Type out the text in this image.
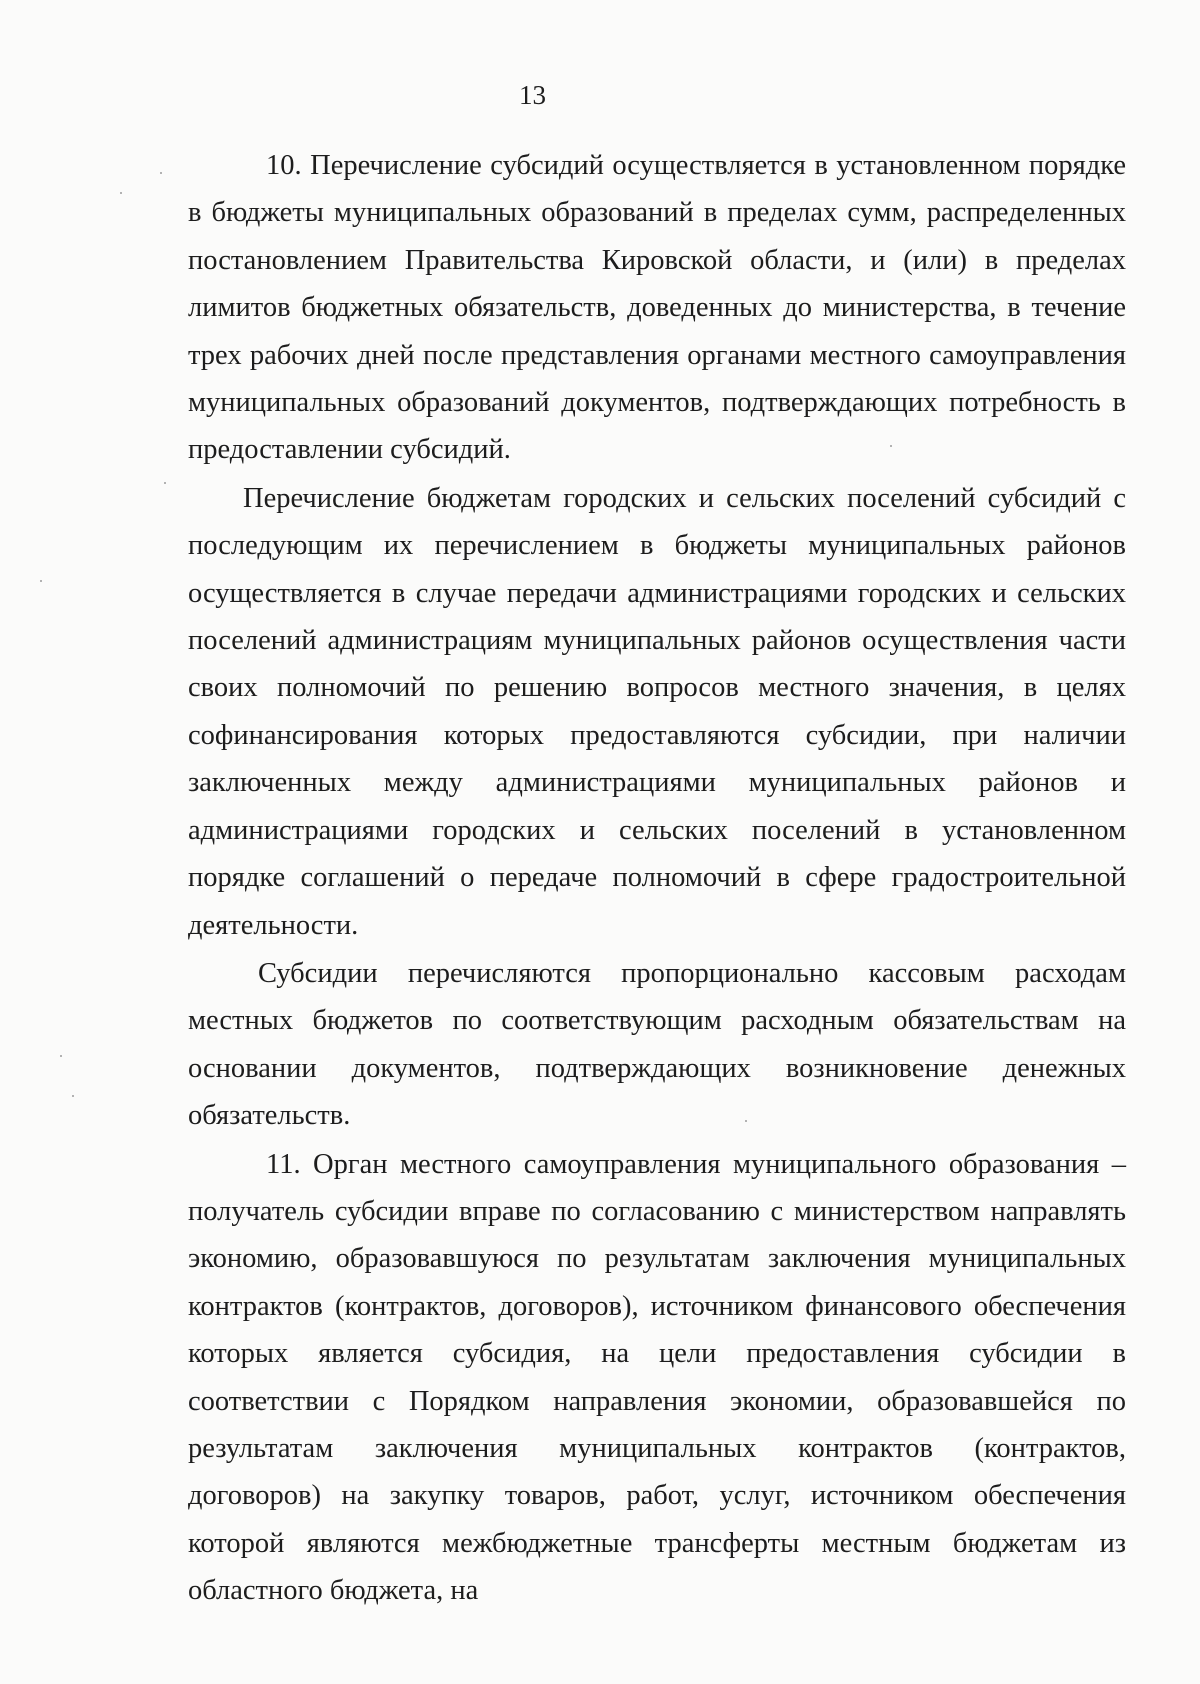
13

10. Перечисление субсидий осуществляется в установленном порядке в бюджеты муниципальных образований в пределах сумм, распределенных постановлением Правительства Кировской области, и (или) в пределах лимитов бюджетных обязательств, доведенных до министерства, в течение трех рабочих дней после представления органами местного самоуправления муниципальных образований документов, подтверждающих потребность в предоставлении субсидий.

Перечисление бюджетам городских и сельских поселений субсидий с последующим их перечислением в бюджеты муниципальных районов осуществляется в случае передачи администрациями городских и сельских поселений администрациям муниципальных районов осуществления части своих полномочий по решению вопросов местного значения, в целях софинансирования которых предоставляются субсидии, при наличии заключенных между администрациями муниципальных районов и администрациями городских и сельских поселений в установленном порядке соглашений о передаче полномочий в сфере градостроительной деятельности.

Субсидии перечисляются пропорционально кассовым расходам местных бюджетов по соответствующим расходным обязательствам на основании документов, подтверждающих возникновение денежных обязательств.

11. Орган местного самоуправления муниципального образования – получатель субсидии вправе по согласованию с министерством направлять экономию, образовавшуюся по результатам заключения муниципальных контрактов (контрактов, договоров), источником финансового обеспечения которых является субсидия, на цели предоставления субсидии в соответствии с Порядком направления экономии, образовавшейся по результатам заключения муниципальных контрактов (контрактов, договоров) на закупку товаров, работ, услуг, источником обеспечения которой являются межбюджетные трансферты местным бюджетам из областного бюджета, на
